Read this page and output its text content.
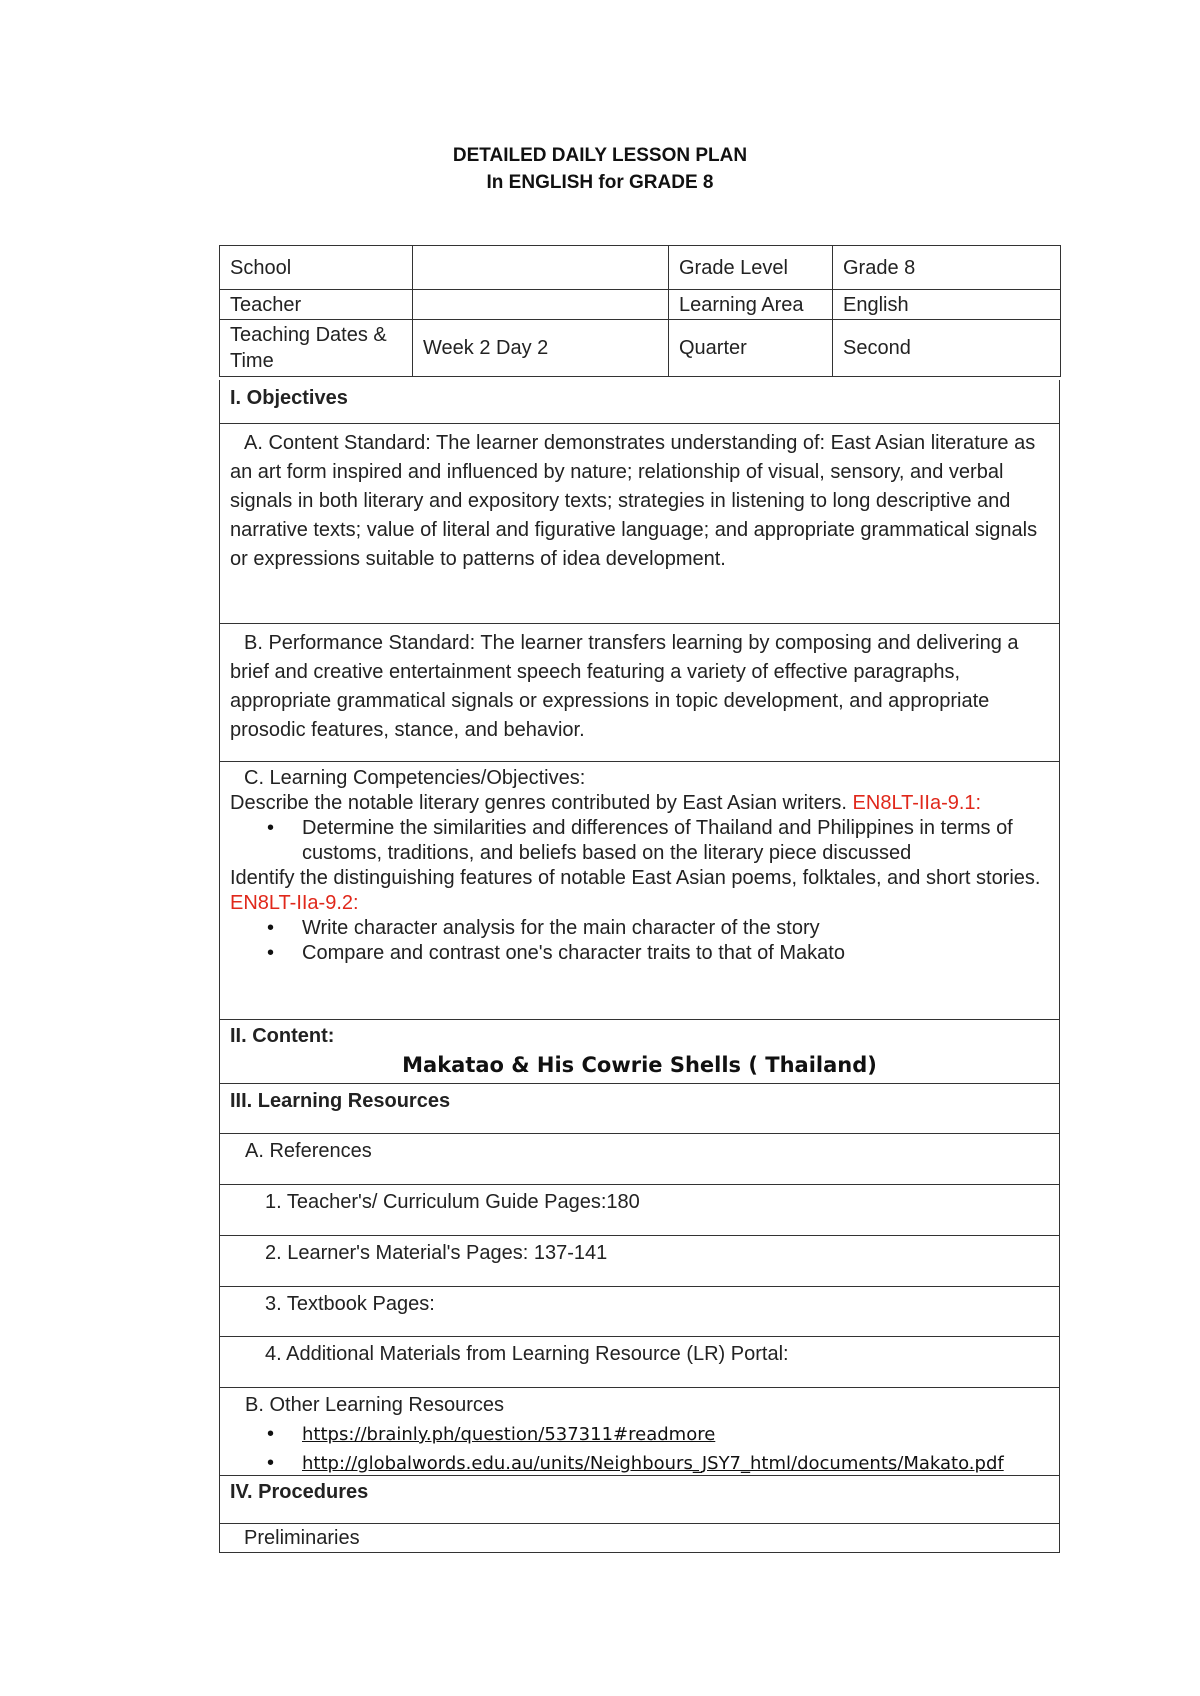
DETAILED DAILY LESSON PLAN
In ENGLISH for GRADE 8
School		Grade Level	Grade 8
Teacher		Learning Area	English
Teaching Dates & Time	Week 2 Day 2	Quarter	Second
I. Objectives
A. Content Standard: The learner demonstrates understanding of: East Asian literature as an art form inspired and influenced by nature; relationship of visual, sensory, and verbal signals in both literary and expository texts; strategies in listening to long descriptive and narrative texts; value of literal and figurative language; and appropriate grammatical signals or expressions suitable to patterns of idea development.
B. Performance Standard: The learner transfers learning by composing and delivering a brief and creative entertainment speech featuring a variety of effective paragraphs, appropriate grammatical signals or expressions in topic development, and appropriate prosodic features, stance, and behavior.
C. Learning Competencies/Objectives:
Describe the notable literary genres contributed by East Asian writers. EN8LT-IIa-9.1:
• Determine the similarities and differences of Thailand and Philippines in terms of customs, traditions, and beliefs based on the literary piece discussed
Identify the distinguishing features of notable East Asian poems, folktales, and short stories. EN8LT-IIa-9.2:
• Write character analysis for the main character of the story
• Compare and contrast one's character traits to that of Makato
II. Content:
Makatao & His Cowrie Shells ( Thailand)
III. Learning Resources
A. References
1. Teacher's/ Curriculum Guide Pages:180
2. Learner's Material's Pages: 137-141
3. Textbook Pages:
4. Additional Materials from Learning Resource (LR) Portal:
B. Other Learning Resources
• https://brainly.ph/question/537311#readmore
• http://globalwords.edu.au/units/Neighbours_JSY7_html/documents/Makato.pdf
IV. Procedures
Preliminaries
